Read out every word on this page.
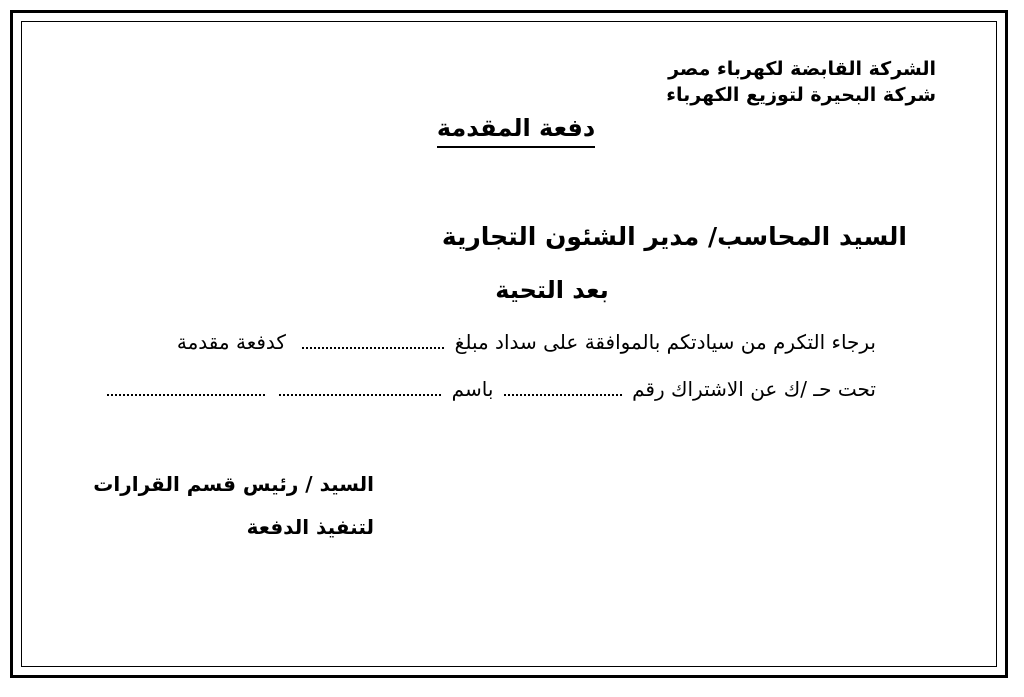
الشركة القابضة لكهرباء مصر
شركة البحيرة لتوزيع الكهرباء
دفعة المقدمة
السيد المحاسب/ مدير الشئون التجارية
بعد التحية
برجاء التكرم من سيادتكم بالموافقة على سداد مبلغ  كدفعة مقدمة
تحت حـ /ك عن الاشتراك رقم  باسم
السيد / رئيس قسم القرارات
لتنفيذ الدفعة
